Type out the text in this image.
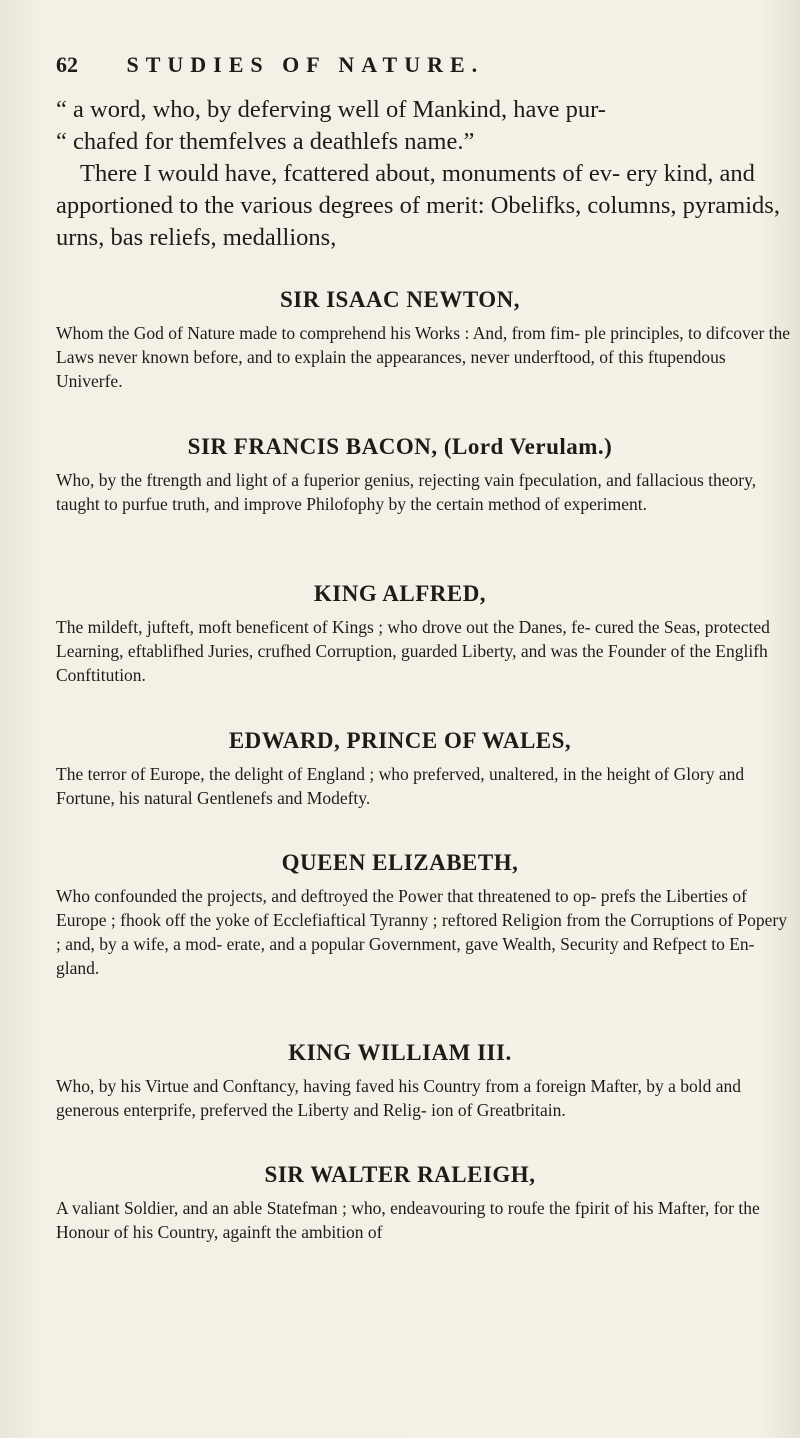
62 STUDIES OF NATURE.

“ a word, who, by deferving well of Mankind, have pur-

“ chafed for themfelves a deathlefs name.”

There I would have, fcattered about, monuments of ev- ery kind, and apportioned to the various degrees of merit: Obelifks, columns, pyramids, urns, bas reliefs, medallions,

SIR ISAAC NEWTON,
Whom the God of Nature made to comprehend his Works : And, from fim- ple principles, to difcover the Laws never known before, and to explain the appearances, never underftood, of this ftupendous Univerfe.
SIR FRANCIS BACON, (Lord Verulam.)
Who, by the ftrength and light of a fuperior genius, rejecting vain fpeculation, and fallacious theory, taught to purfue truth, and improve Philofophy by the certain method of experiment.
KING ALFRED,
The mildeft, jufteft, moft beneficent of Kings ; who drove out the Danes, fe- cured the Seas, protected Learning, eftablifhed Juries, crufhed Corruption, guarded Liberty, and was the Founder of the Englifh Conftitution.
EDWARD, PRINCE OF WALES,
The terror of Europe, the delight of England ; who preferved, unaltered, in the height of Glory and Fortune, his natural Gentlenefs and Modefty.
QUEEN ELIZABETH,
Who confounded the projects, and deftroyed the Power that threatened to op- prefs the Liberties of Europe ; fhook off the yoke of Ecclefiaftical Tyranny ; reftored Religion from the Corruptions of Popery ; and, by a wife, a mod- erate, and a popular Government, gave Wealth, Security and Refpect to En- gland.
KING WILLIAM III.
Who, by his Virtue and Conftancy, having faved his Country from a foreign Mafter, by a bold and generous enterprife, preferved the Liberty and Relig- ion of Greatbritain.
SIR WALTER RALEIGH,
A valiant Soldier, and an able Statefman ; who, endeavouring to roufe the fpirit of his Mafter, for the Honour of his Country, againft the ambition of
